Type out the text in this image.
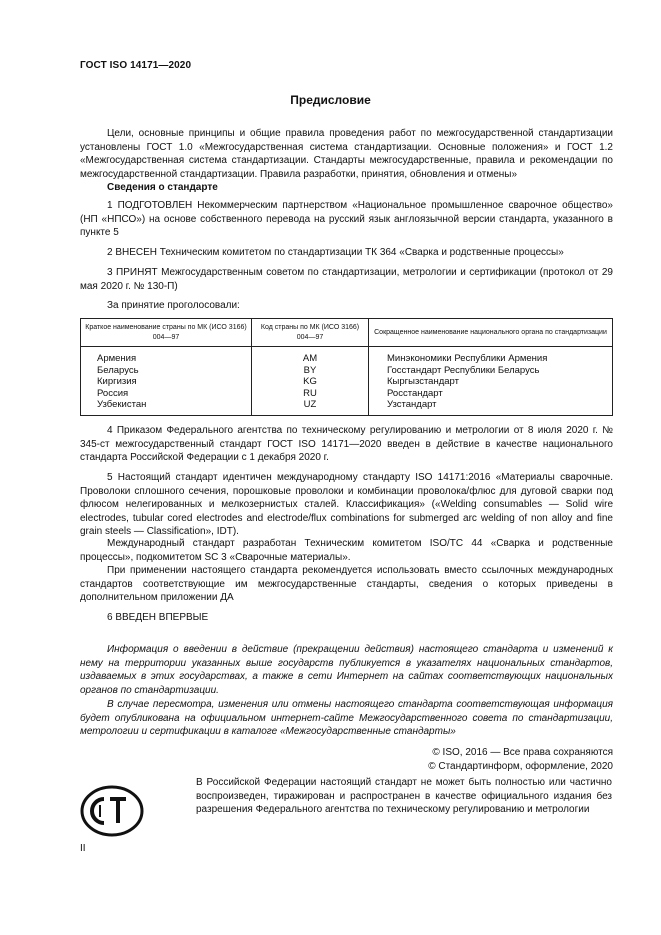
ГОСТ ISO 14171—2020
Предисловие
Цели, основные принципы и общие правила проведения работ по межгосударственной стандартизации установлены ГОСТ 1.0 «Межгосударственная система стандартизации. Основные положения» и ГОСТ 1.2 «Межгосударственная система стандартизации. Стандарты межгосударственные, правила и рекомендации по межгосударственной стандартизации. Правила разработки, принятия, обновления и отмены»
Сведения о стандарте
1 ПОДГОТОВЛЕН Некоммерческим партнерством «Национальное промышленное сварочное общество» (НП «НПСО») на основе собственного перевода на русский язык англоязычной версии стандарта, указанного в пункте 5
2 ВНЕСЕН Техническим комитетом по стандартизации ТК 364 «Сварка и родственные процессы»
3 ПРИНЯТ Межгосударственным советом по стандартизации, метрологии и сертификации (протокол от 29 мая 2020 г. № 130-П)
За принятие проголосовали:
Краткое наименование страны по МК (ИСО 3166) 004—97	Код страны по МК (ИСО 3166) 004—97	Сокращенное наименование национального органа по стандартизации
Армения	AM	Минэкономики Республики Армения
Беларусь	BY	Госстандарт Республики Беларусь
Киргизия	KG	Кыргызстандарт
Россия	RU	Росстандарт
Узбекистан	UZ	Узстандарт
4 Приказом Федерального агентства по техническому регулированию и метрологии от 8 июля 2020 г. № 345-ст межгосударственный стандарт ГОСТ ISO 14171—2020 введен в действие в качестве национального стандарта Российской Федерации с 1 декабря 2020 г.
5 Настоящий стандарт идентичен международному стандарту ISO 14171:2016 «Материалы сварочные. Проволоки сплошного сечения, порошковые проволоки и комбинации проволока/флюс для дуговой сварки под флюсом нелегированных и мелкозернистых сталей. Классификация» («Welding consumables — Solid wire electrodes, tubular cored electrodes and electrode/flux combinations for submerged arc welding of non alloy and fine grain steels — Classification», IDT).
Международный стандарт разработан Техническим комитетом ISO/TC 44 «Сварка и родственные процессы», подкомитетом SC 3 «Сварочные материалы».
При применении настоящего стандарта рекомендуется использовать вместо ссылочных международных стандартов соответствующие им межгосударственные стандарты, сведения о которых приведены в дополнительном приложении ДА
6 ВВЕДЕН ВПЕРВЫЕ
Информация о введении в действие (прекращении действия) настоящего стандарта и изменений к нему на территории указанных выше государств публикуется в указателях национальных стандартов, издаваемых в этих государствах, а также в сети Интернет на сайтах соответствующих национальных органов по стандартизации.
В случае пересмотра, изменения или отмены настоящего стандарта соответствующая информация будет опубликована на официальном интернет-сайте Межгосударственного совета по стандартизации, метрологии и сертификации в каталоге «Межгосударственные стандарты»
© ISO, 2016 — Все права сохраняются
© Стандартинформ, оформление, 2020
В Российской Федерации настоящий стандарт не может быть полностью или частично воспроизведен, тиражирован и распространен в качестве официального издания без разрешения Федерального агентства по техническому регулированию и метрологии
II
